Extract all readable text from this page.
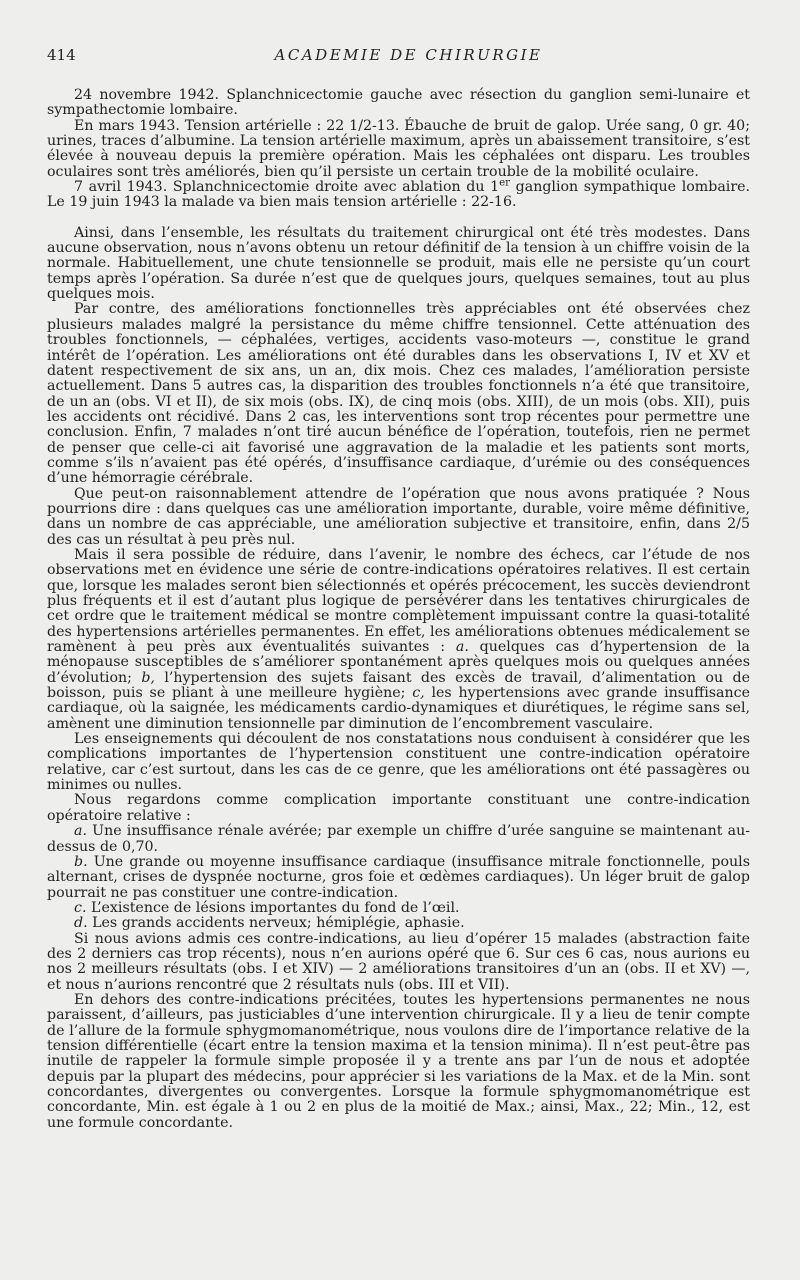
414	ACADEMIE DE CHIRURGIE

24 novembre 1942. Splanchnicectomie gauche avec résection du ganglion semi-lunaire et sympathectomie lombaire.

En mars 1943. Tension artérielle : 22 1/2-13. Ébauche de bruit de galop. Urée sang, 0 gr. 40; urines, traces d’albumine. La tension artérielle maximum, après un abaissement transitoire, s’est élevée à nouveau depuis la première opération. Mais les céphalées ont disparu. Les troubles oculaires sont très améliorés, bien qu’il persiste un certain trouble de la mobilité oculaire.

7 avril 1943. Splanchnicectomie droite avec ablation du 1er ganglion sympathique lombaire. Le 19 juin 1943 la malade va bien mais tension artérielle : 22-16.

Ainsi, dans l’ensemble, les résultats du traitement chirurgical ont été très modestes. Dans aucune observation, nous n’avons obtenu un retour définitif de la tension à un chiffre voisin de la normale. Habituellement, une chute tensionnelle se produit, mais elle ne persiste qu’un court temps après l’opération. Sa durée n’est que de quelques jours, quelques semaines, tout au plus quelques mois.

Par contre, des améliorations fonctionnelles très appréciables ont été observées chez plusieurs malades malgré la persistance du même chiffre tensionnel. Cette atténuation des troubles fonctionnels, — céphalées, vertiges, accidents vaso-moteurs —, constitue le grand intérêt de l’opération. Les améliorations ont été durables dans les observations I, IV et XV et datent respectivement de six ans, un an, dix mois. Chez ces malades, l’amélioration persiste actuellement. Dans 5 autres cas, la disparition des troubles fonctionnels n’a été que transitoire, de un an (obs. VI et II), de six mois (obs. IX), de cinq mois (obs. XIII), de un mois (obs. XII), puis les accidents ont récidivé. Dans 2 cas, les interventions sont trop récentes pour permettre une conclusion. Enfin, 7 malades n’ont tiré aucun bénéfice de l’opération, toutefois, rien ne permet de penser que celle-ci ait favorisé une aggravation de la maladie et les patients sont morts, comme s’ils n’avaient pas été opérés, d’insuffisance cardiaque, d’urémie ou des conséquences d’une hémorragie cérébrale.

Que peut-on raisonnablement attendre de l’opération que nous avons pratiquée ? Nous pourrions dire : dans quelques cas une amélioration importante, durable, voire même définitive, dans un nombre de cas appréciable, une amélioration subjective et transitoire, enfin, dans 2/5 des cas un résultat à peu près nul.

Mais il sera possible de réduire, dans l’avenir, le nombre des échecs, car l’étude de nos observations met en évidence une série de contre-indications opératoires relatives. Il est certain que, lorsque les malades seront bien sélectionnés et opérés précocement, les succès deviendront plus fréquents et il est d’autant plus logique de persévérer dans les tentatives chirurgicales de cet ordre que le traitement médical se montre complètement impuissant contre la quasi-totalité des hypertensions artérielles permanentes. En effet, les améliorations obtenues médicalement se ramènent à peu près aux éventualités suivantes : a. quelques cas d’hypertension de la ménopause susceptibles de s’améliorer spontanément après quelques mois ou quelques années d’évolution; b, l’hypertension des sujets faisant des excès de travail, d’alimentation ou de boisson, puis se pliant à une meilleure hygiène; c, les hypertensions avec grande insuffisance cardiaque, où la saignée, les médicaments cardio-dynamiques et diurétiques, le régime sans sel, amènent une diminution tensionnelle par diminution de l’encombrement vasculaire.

Les enseignements qui découlent de nos constatations nous conduisent à considérer que les complications importantes de l’hypertension constituent une contre-indication opératoire relative, car c’est surtout, dans les cas de ce genre, que les améliorations ont été passagères ou minimes ou nulles.

Nous regardons comme complication importante constituant une contre-indication opératoire relative :

a. Une insuffisance rénale avérée; par exemple un chiffre d’urée sanguine se maintenant au-dessus de 0,70.

b. Une grande ou moyenne insuffisance cardiaque (insuffisance mitrale fonctionnelle, pouls alternant, crises de dyspnée nocturne, gros foie et œdèmes cardiaques). Un léger bruit de galop pourrait ne pas constituer une contre-indication.

c. L’existence de lésions importantes du fond de l’œil.

d. Les grands accidents nerveux; hémiplégie, aphasie.

Si nous avions admis ces contre-indications, au lieu d’opérer 15 malades (abstraction faite des 2 derniers cas trop récents), nous n’en aurions opéré que 6. Sur ces 6 cas, nous aurions eu nos 2 meilleurs résultats (obs. I et XIV) — 2 améliorations transitoires d’un an (obs. II et XV) —, et nous n’aurions rencontré que 2 résultats nuls (obs. III et VII).

En dehors des contre-indications précitées, toutes les hypertensions permanentes ne nous paraissent, d’ailleurs, pas justiciables d’une intervention chirurgicale. Il y a lieu de tenir compte de l’allure de la formule sphygmomanométrique, nous voulons dire de l’importance relative de la tension différentielle (écart entre la tension maxima et la tension minima). Il n’est peut-être pas inutile de rappeler la formule simple proposée il y a trente ans par l’un de nous et adoptée depuis par la plupart des médecins, pour apprécier si les variations de la Max. et de la Min. sont concordantes, divergentes ou convergentes. Lorsque la formule sphygmomanométrique est concordante, Min. est égale à 1 ou 2 en plus de la moitié de Max.; ainsi, Max., 22; Min., 12, est une formule concordante.
